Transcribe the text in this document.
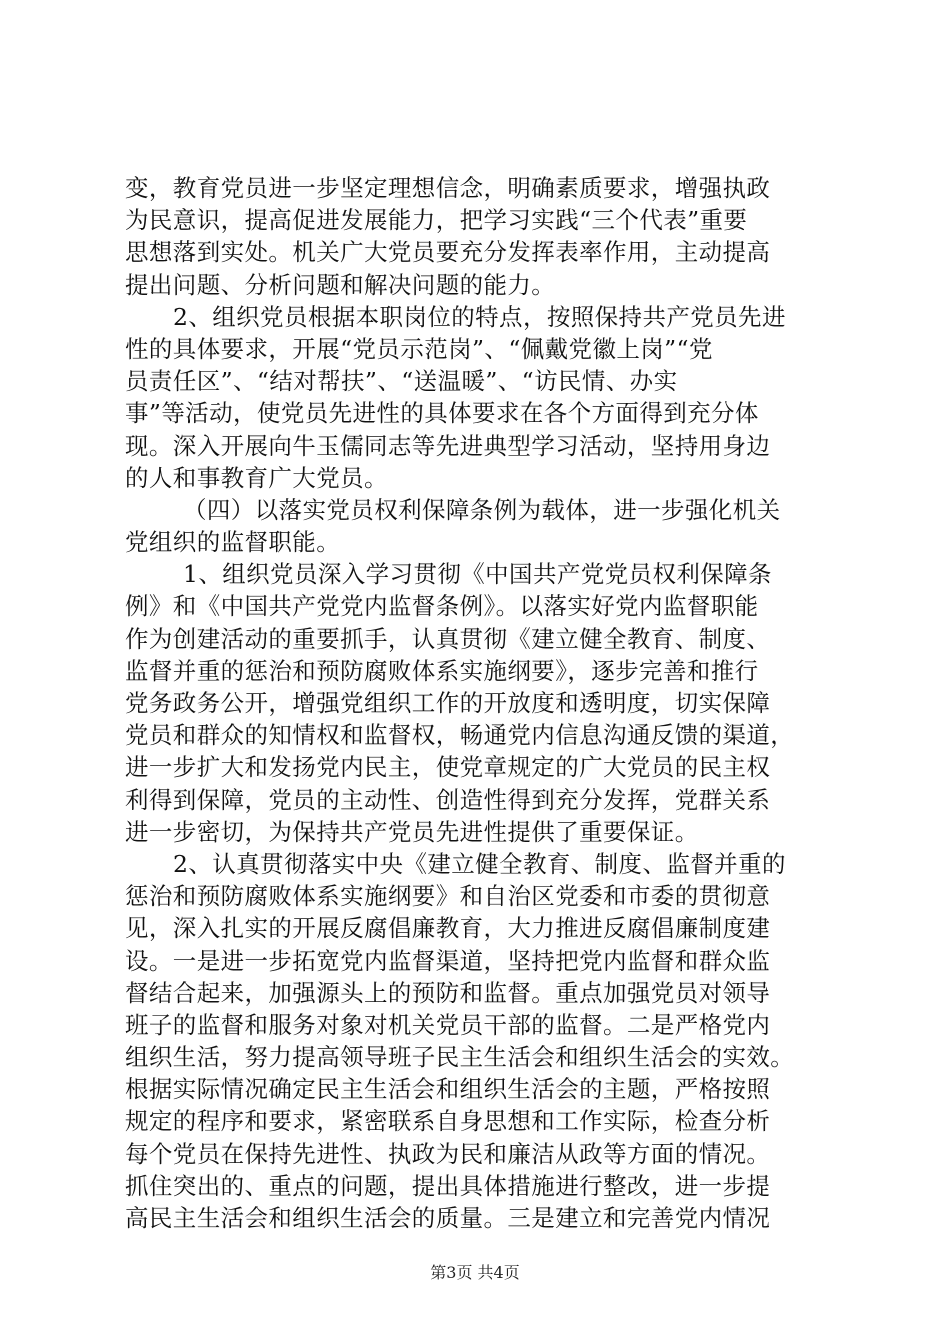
变，教育党员进一步坚定理想信念，明确素质要求，增强执政
为民意识，提高促进发展能力，把学习实践“三个代表”重要
思想落到实处。机关广大党员要充分发挥表率作用，主动提高
提出问题、分析问题和解决问题的能力。
2、组织党员根据本职岗位的特点，按照保持共产党员先进
性的具体要求，开展“党员示范岗”、“佩戴党徽上岗”“党
员责任区”、“结对帮扶”、“送温暖”、“访民情、办实
事”等活动，使党员先进性的具体要求在各个方面得到充分体
现。深入开展向牛玉儒同志等先进典型学习活动，坚持用身边
的人和事教育广大党员。
（四）以落实党员权利保障条例为载体，进一步强化机关
党组织的监督职能。
1、组织党员深入学习贯彻《中国共产党党员权利保障条
例》和《中国共产党党内监督条例》。以落实好党内监督职能
作为创建活动的重要抓手，认真贯彻《建立健全教育、制度、
监督并重的惩治和预防腐败体系实施纲要》，逐步完善和推行
党务政务公开，增强党组织工作的开放度和透明度，切实保障
党员和群众的知情权和监督权，畅通党内信息沟通反馈的渠道，
进一步扩大和发扬党内民主，使党章规定的广大党员的民主权
利得到保障，党员的主动性、创造性得到充分发挥，党群关系
进一步密切，为保持共产党员先进性提供了重要保证。
2、认真贯彻落实中央《建立健全教育、制度、监督并重的
惩治和预防腐败体系实施纲要》和自治区党委和市委的贯彻意
见，深入扎实的开展反腐倡廉教育，大力推进反腐倡廉制度建
设。一是进一步拓宽党内监督渠道，坚持把党内监督和群众监
督结合起来，加强源头上的预防和监督。重点加强党员对领导
班子的监督和服务对象对机关党员干部的监督。二是严格党内
组织生活，努力提高领导班子民主生活会和组织生活会的实效。
根据实际情况确定民主生活会和组织生活会的主题，严格按照
规定的程序和要求，紧密联系自身思想和工作实际，检查分析
每个党员在保持先进性、执政为民和廉洁从政等方面的情况。
抓住突出的、重点的问题，提出具体措施进行整改，进一步提
高民主生活会和组织生活会的质量。三是建立和完善党内情况
第3页 共4页
